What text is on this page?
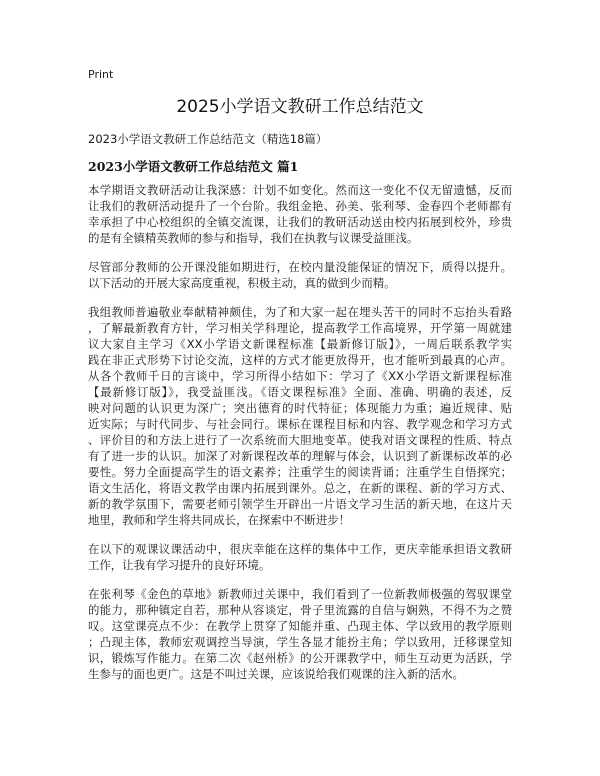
Print
2025小学语文教研工作总结范文
2023小学语文教研工作总结范文（精选18篇）
2023小学语文教研工作总结范文 篇1
本学期语文教研活动让我深感：计划不如变化。然而这一变化不仅无留遗憾，反而
让我们的教研活动提升了一个台阶。我组金艳、孙美、张利琴、金春四个老师都有
幸承担了中心校组织的全镇交流课，让我们的教研活动送由校内拓展到校外，珍贵
的是有全镇精英教师的参与和指导，我们在执教与议课受益匪浅。
尽管部分教师的公开课没能如期进行，在校内量没能保证的情况下，质得以提升。
以下活动的开展大家高度重视，积极主动，真的做到少而精。
我组教师普遍敬业奉献精神颇佳，为了和大家一起在埋头苦干的同时不忘抬头看路
，了解最新教育方针，学习相关学科理论，提高教学工作高境界，开学第一周就建
议大家自主学习《XX小学语文新课程标准【最新修订版】》，一周后联系教学实
践在非正式形势下讨论交流，这样的方式才能更放得开，也才能听到最真的心声。
从各个教师千日的言谈中，学习所得小结如下：学习了《XX小学语文新课程标准
【最新修订版】》，我受益匪浅。《语文课程标准》全面、准确、明确的表述，反
映对问题的认识更为深广；突出德育的时代特征；体现能力为重；遍近规律、贴
近实际；与时代同步、与社会同行。课标在课程目标和内容、教学观念和学习方式
、评价目的和方法上进行了一次系统而大胆地变革。使我对语文课程的性质、特点
有了进一步的认识。加深了对新课程改革的理解与体会，认识到了新课标改革的必
要性。努力全面提高学生的语文素养；注重学生的阅读背诵；注重学生自悟探究；
语文生活化，将语文教学由课内拓展到课外。总之，在新的课程、新的学习方式、
新的教学氛围下，需要老师引领学生开辟出一片语文学习生活的新天地，在这片天
地里，教师和学生将共同成长，在探索中不断进步！
在以下的观课议课活动中，很庆幸能在这样的集体中工作，更庆幸能承担语文教研
工作，让我有学习提升的良好环境。
在张利琴《金色的草地》新教师过关课中，我们看到了一位新教师极强的驾驭课堂
的能力，那种镇定自若，那种从容谈定，骨子里流露的自信与娴熟，不得不为之赞
叹。这堂课亮点不少：在教学上贯穿了知能并重、凸现主体、学以致用的教学原则
；凸现主体，教师宏观调控当导演，学生各显才能扮主角；学以致用，迁移课堂知
识，锻炼写作能力。在第二次《赵州桥》的公开课教学中，师生互动更为活跃，学
生参与的面也更广。这是不叫过关课，应该说给我们观课的注入新的活水。
